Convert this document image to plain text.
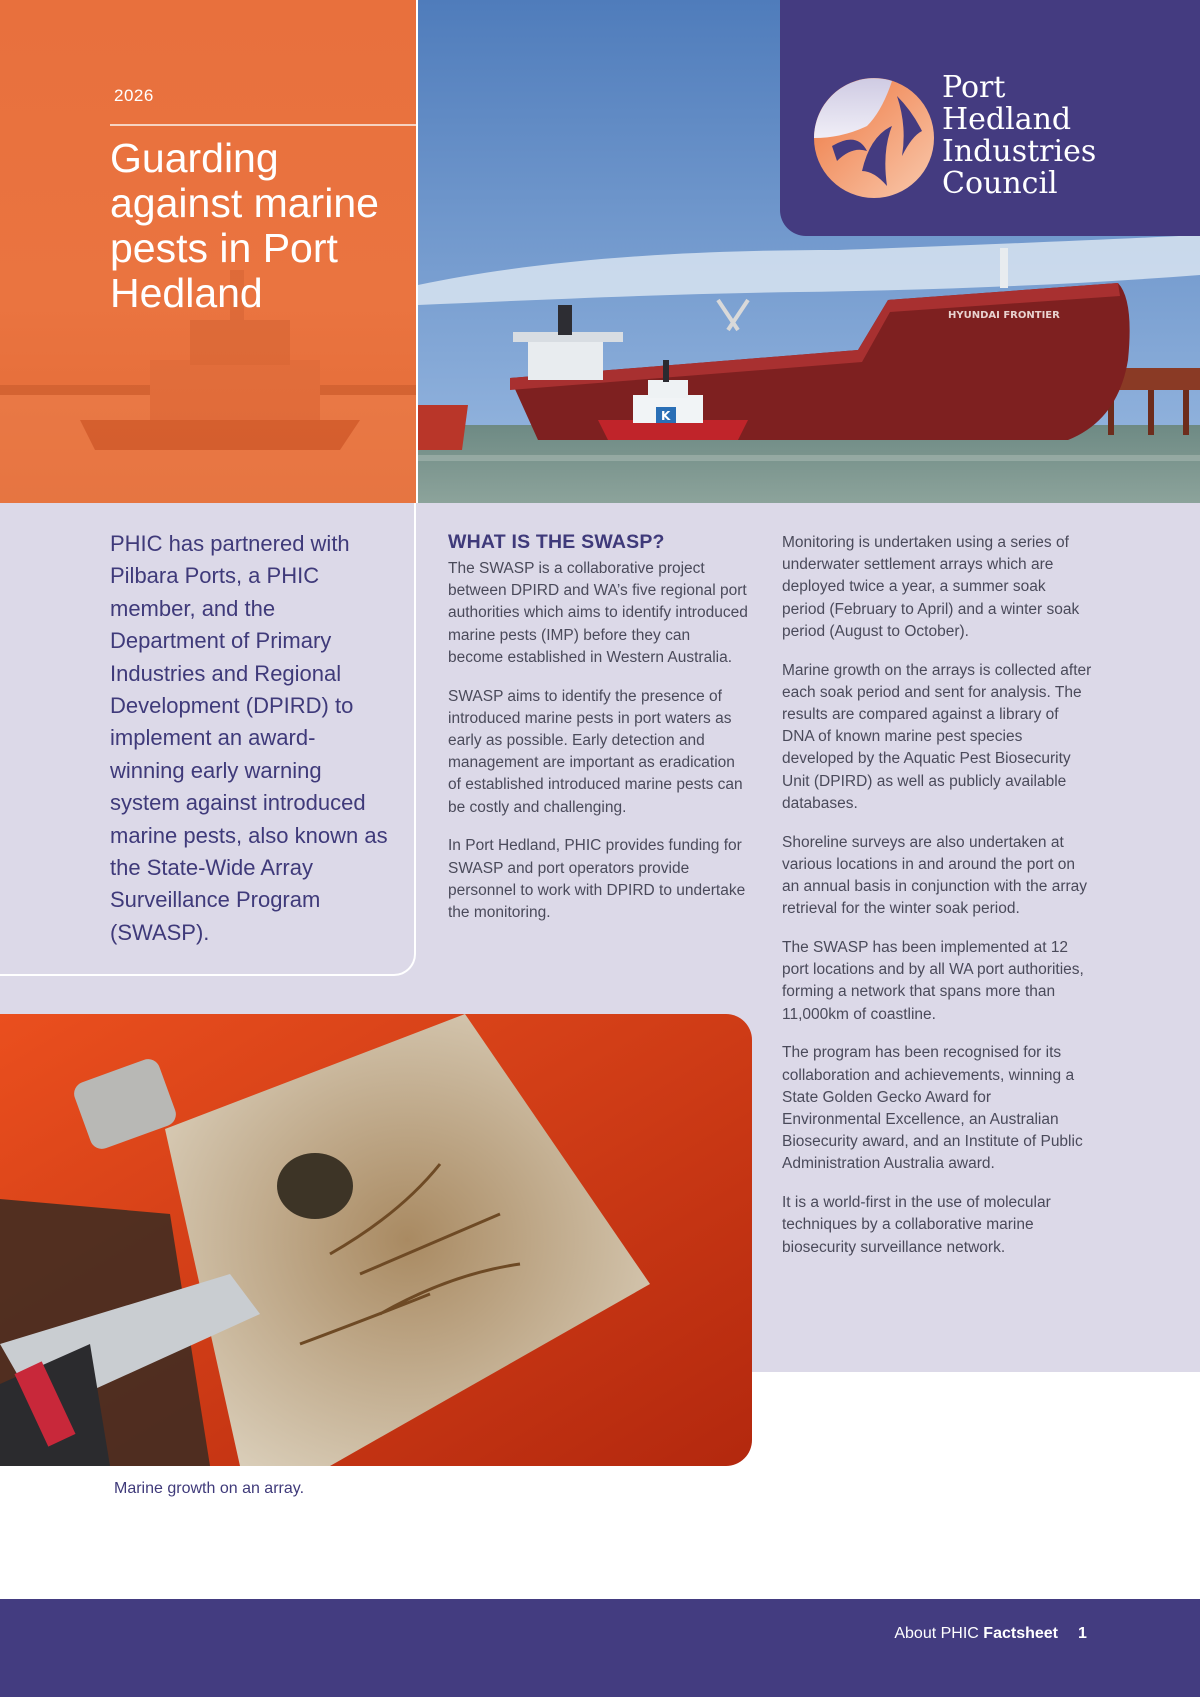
2026
Guarding against marine pests in Port Hedland	HYUNDAI FRONTIER
K
Port
Hedland
Industries
Council
PHIC has partnered with Pilbara Ports, a PHIC member, and the Department of Primary Industries and Regional Development (DPIRD) to implement an award-winning early warning system against introduced marine pests, also known as the State-Wide Array Surveillance Program (SWASP).
WHAT IS THE SWASP?

The SWASP is a collaborative project between DPIRD and WA’s five regional port authorities which aims to identify introduced marine pests (IMP) before they can become established in Western Australia.

SWASP aims to identify the presence of introduced marine pests in port waters as early as possible. Early detection and management are important as eradication of established introduced marine pests can be costly and challenging.

In Port Hedland, PHIC provides funding for SWASP and port operators provide personnel to work with DPIRD to undertake the monitoring.

Monitoring is undertaken using a series of underwater settlement arrays which are deployed twice a year, a summer soak period (February to April) and a winter soak period (August to October).

Marine growth on the arrays is collected after each soak period and sent for analysis. The results are compared against a library of DNA of known marine pest species developed by the Aquatic Pest Biosecurity Unit (DPIRD) as well as publicly available databases.

Shoreline surveys are also undertaken at various locations in and around the port on an annual basis in conjunction with the array retrieval for the winter soak period.

The SWASP has been implemented at 12 port locations and by all WA port authorities, forming a network that spans more than 11,000km of coastline.

The program has been recognised for its collaboration and achievements, winning a State Golden Gecko Award for Environmental Excellence, an Australian Biosecurity award, and an Institute of Public Administration Australia award.

It is a world-first in the use of molecular techniques by a collaborative marine biosecurity surveillance network.

Marine growth on an array.
About PHIC Factsheet 1
